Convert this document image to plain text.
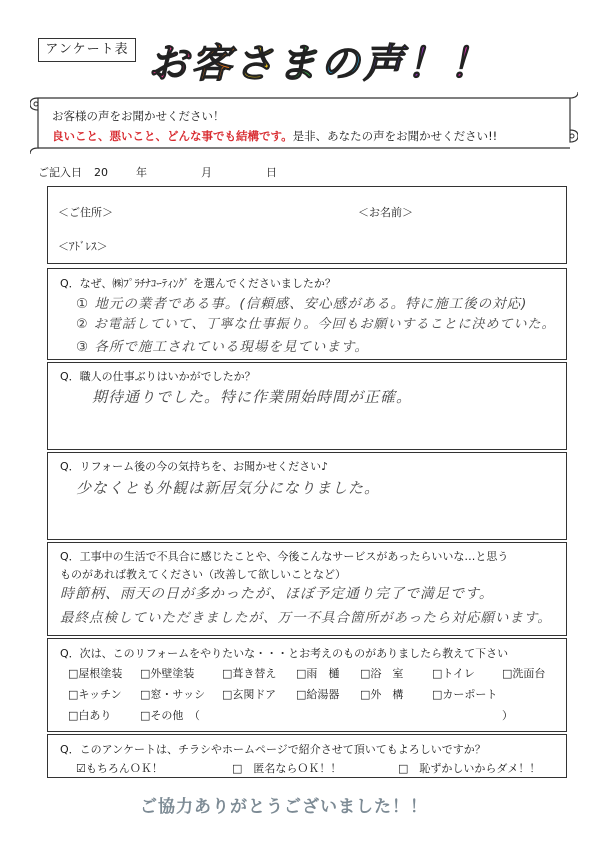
アンケート表 お客さまの声！！
お客様の声をお聞かせください！
良いこと、悪いこと、どんな事でも結構です。是非、あなたの声をお聞かせください!!
ご記入日 20	年	月	日
＜ご住所＞	＜お名前＞
＜ｱﾄﾞﾚｽ＞
Q．なぜ、㈱ﾌﾟﾗﾁﾅｺｰﾃｨﾝｸﾞ を選んでくださいましたか？
① 地元の業者である事。(信頼感、安心感がある。特に施工後の対応)
② お電話していて、丁寧な仕事振り。今回もお願いすることに決めていた。
③ 各所で施工されている現場を見ています。
Q．職人の仕事ぶりはいかがでしたか？
期待通りでした。特に作業開始時間が正確。
Q．リフォーム後の今の気持ちを、お聞かせください♪
少なくとも外観は新居気分になりました。
Q．工事中の生活で不具合に感じたことや、今後こんなサービスがあったらいいな…と思う
ものがあれば教えてください（改善して欲しいことなど）
時節柄、雨天の日が多かったが、ほぼ予定通り完了で満足です。
最終点検していただきましたが、万一不具合箇所があったら対応願います。
Q．次は、このリフォームをやりたいな・・・とお考えのものがありましたら教えて下さい
□屋根塗装 □外壁塗装	□葺き替え □雨　樋 □浴　室	□トイレ □洗面台
□キッチン □窓・サッシ □玄関ドア □給湯器 □外　構	□カーポート
□白あり	□その他　（	）
Q．このアンケートは、チラシやホームページで紹介させて頂いてもよろしいですか？
☑もちろんＯＫ！	□　匿名ならＯＫ！！	□　恥ずかしいからダメ！！
ご協力ありがとうございました！！
